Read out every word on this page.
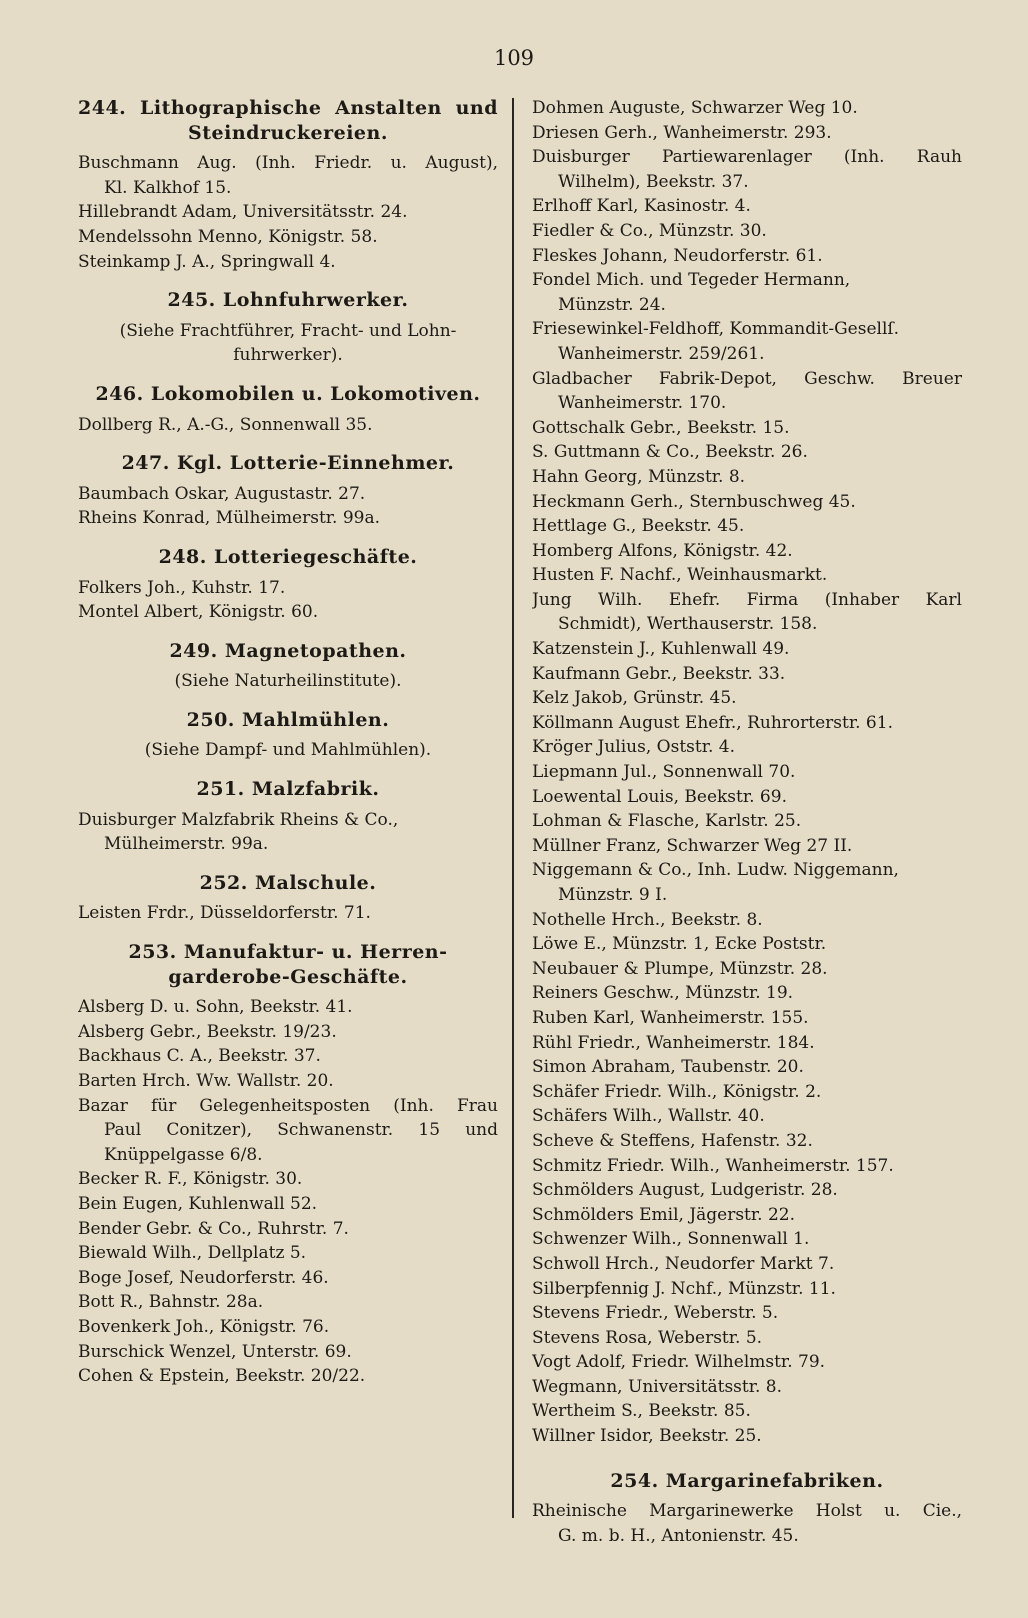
109
244. Lithographische Anstalten und
Steindruckereien.
Buschmann Aug. (Inh. Friedr. u. August),
Kl. Kalkhof 15.
Hillebrandt Adam, Universitätsstr. 24.
Mendelssohn Menno, Königstr. 58.
Steinkamp J. A., Springwall 4.
245. Lohnfuhrwerker.
(Siehe Frachtführer, Fracht- und Lohn-
fuhrwerker).
246. Lokomobilen u. Lokomotiven.
Dollberg R., A.-G., Sonnenwall 35.
247. Kgl. Lotterie-Einnehmer.
Baumbach Oskar, Augustastr. 27.
Rheins Konrad, Mülheimerstr. 99a.
248. Lotteriegeschäfte.
Folkers Joh., Kuhstr. 17.
Montel Albert, Königstr. 60.
249. Magnetopathen.
(Siehe Naturheilinstitute).
250. Mahlmühlen.
(Siehe Dampf- und Mahlmühlen).
251. Malzfabrik.
Duisburger Malzfabrik Rheins & Co.,
Mülheimerstr. 99a.
252. Malschule.
Leisten Frdr., Düsseldorferstr. 71.
253. Manufaktur- u. Herren-
garderobe-Geschäfte.
Alsberg D. u. Sohn, Beekstr. 41.
Alsberg Gebr., Beekstr. 19/23.
Backhaus C. A., Beekstr. 37.
Barten Hrch. Ww. Wallstr. 20.
Bazar für Gelegenheitsposten (Inh. Frau
Paul Conitzer), Schwanenstr. 15 und
Knüppelgasse 6/8.
Becker R. F., Königstr. 30.
Bein Eugen, Kuhlenwall 52.
Bender Gebr. & Co., Ruhrstr. 7.
Biewald Wilh., Dellplatz 5.
Boge Josef, Neudorferstr. 46.
Bott R., Bahnstr. 28a.
Bovenkerk Joh., Königstr. 76.
Burschick Wenzel, Unterstr. 69.
Cohen & Epstein, Beekstr. 20/22.
Dohmen Auguste, Schwarzer Weg 10.
Driesen Gerh., Wanheimerstr. 293.
Duisburger Partiewarenlager (Inh. Rauh
Wilhelm), Beekstr. 37.
Erlhoff Karl, Kasinostr. 4.
Fiedler & Co., Münzstr. 30.
Fleskes Johann, Neudorferstr. 61.
Fondel Mich. und Tegeder Hermann,
Münzstr. 24.
Friesewinkel-Feldhoff, Kommandit-Gesellſ.
Wanheimerstr. 259/261.
Gladbacher Fabrik-Depot, Geschw. Breuer
Wanheimerstr. 170.
Gottschalk Gebr., Beekstr. 15.
S. Guttmann & Co., Beekstr. 26.
Hahn Georg, Münzstr. 8.
Heckmann Gerh., Sternbuschweg 45.
Hettlage G., Beekstr. 45.
Homberg Alfons, Königstr. 42.
Husten F. Nachf., Weinhausmarkt.
Jung Wilh. Ehefr. Firma (Inhaber Karl
Schmidt), Werthauserstr. 158.
Katzenstein J., Kuhlenwall 49.
Kaufmann Gebr., Beekstr. 33.
Kelz Jakob, Grünstr. 45.
Köllmann August Ehefr., Ruhrorterstr. 61.
Kröger Julius, Oststr. 4.
Liepmann Jul., Sonnenwall 70.
Loewental Louis, Beekstr. 69.
Lohman & Flasche, Karlstr. 25.
Müllner Franz, Schwarzer Weg 27 II.
Niggemann & Co., Inh. Ludw. Niggemann,
Münzstr. 9 I.
Nothelle Hrch., Beekstr. 8.
Löwe E., Münzstr. 1, Ecke Poststr.
Neubauer & Plumpe, Münzstr. 28.
Reiners Geschw., Münzstr. 19.
Ruben Karl, Wanheimerstr. 155.
Rühl Friedr., Wanheimerstr. 184.
Simon Abraham, Taubenstr. 20.
Schäfer Friedr. Wilh., Königstr. 2.
Schäfers Wilh., Wallstr. 40.
Scheve & Steffens, Hafenstr. 32.
Schmitz Friedr. Wilh., Wanheimerstr. 157.
Schmölders August, Ludgeristr. 28.
Schmölders Emil, Jägerstr. 22.
Schwenzer Wilh., Sonnenwall 1.
Schwoll Hrch., Neudorfer Markt 7.
Silberpfennig J. Nchf., Münzstr. 11.
Stevens Friedr., Weberstr. 5.
Stevens Rosa, Weberstr. 5.
Vogt Adolf, Friedr. Wilhelmstr. 79.
Wegmann, Universitätsstr. 8.
Wertheim S., Beekstr. 85.
Willner Isidor, Beekstr. 25.
254. Margarinefabriken.
Rheinische Margarinewerke Holst u. Cie.,
G. m. b. H., Antonienstr. 45.
